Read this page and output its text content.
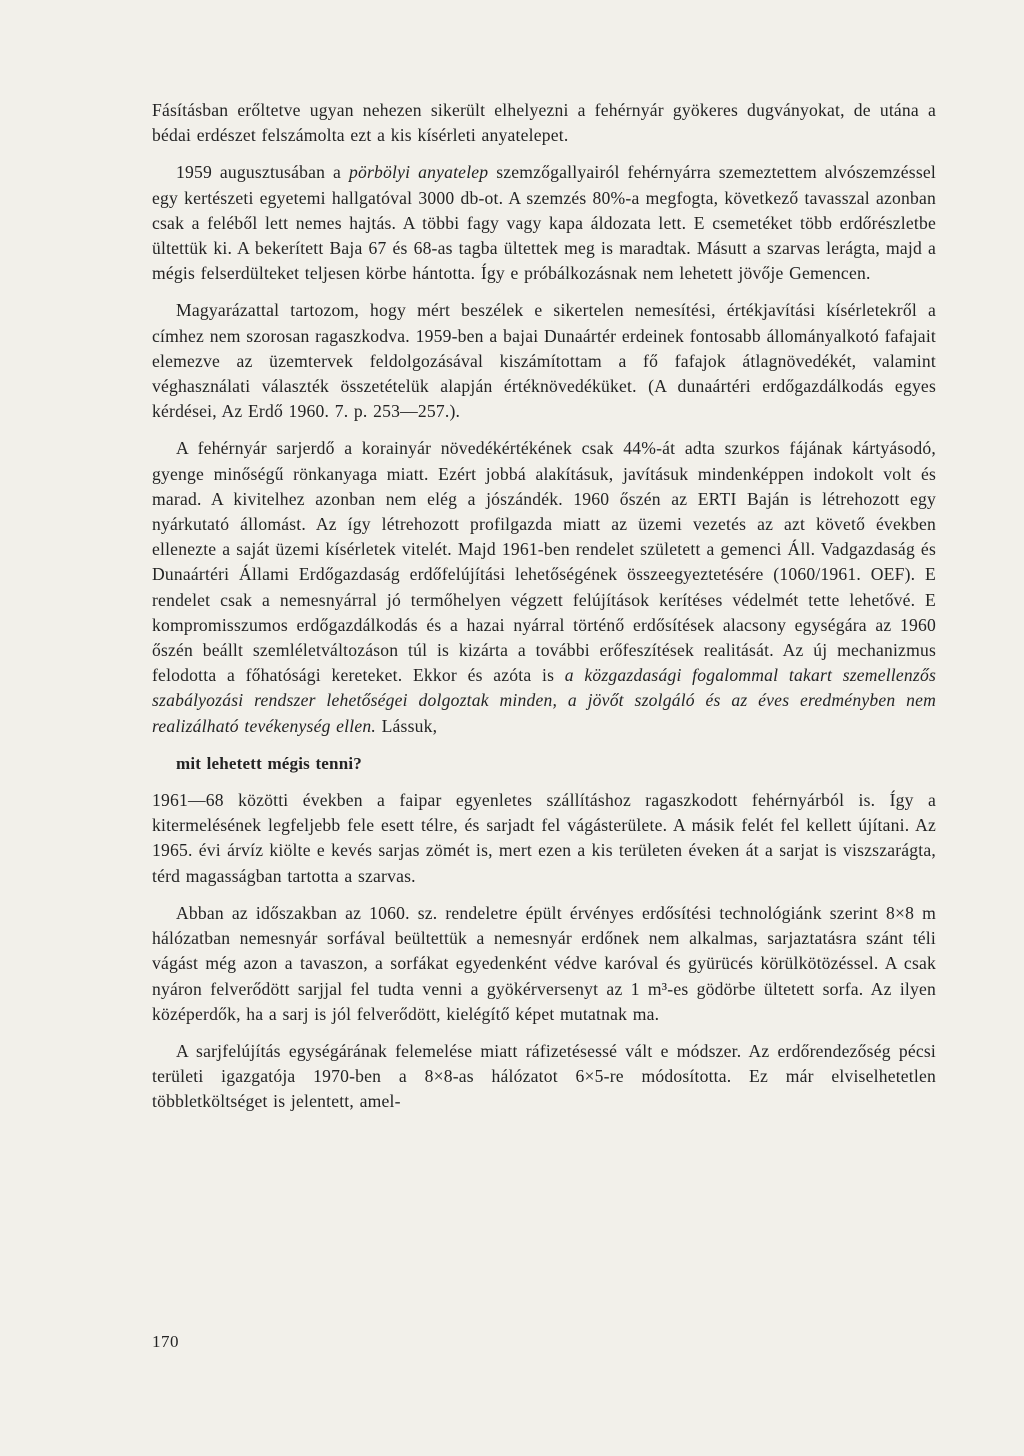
Fásításban erőltetve ugyan nehezen sikerült elhelyezni a fehérnyár gyökeres dugványokat, de utána a bédai erdészet felszámolta ezt a kis kísérleti anyatelepet.

1959 augusztusában a pörbölyi anyatelep szemzőgallyairól fehérnyárra szemeztettem alvószemzéssel egy kertészeti egyetemi hallgatóval 3000 db-ot. A szemzés 80%-a megfogta, következő tavasszal azonban csak a feléből lett nemes hajtás. A többi fagy vagy kapa áldozata lett. E csemetéket több erdőrészletbe ültettük ki. A bekerített Baja 67 és 68-as tagba ültettek meg is maradtak. Másutt a szarvas lerágta, majd a mégis felserdülteket teljesen körbe hántotta. Így e próbálkozásnak nem lehetett jövője Gemencen.

Magyarázattal tartozom, hogy mért beszélek e sikertelen nemesítési, értékjavítási kísérletekről a címhez nem szorosan ragaszkodva. 1959-ben a bajai Dunaártér erdeinek fontosabb állományalkotó fafajait elemezve az üzemtervek feldolgozásával kiszámítottam a fő fafajok átlagnövedékét, valamint véghasználati választék összetételük alapján értéknövedéküket. (A dunaártéri erdőgazdálkodás egyes kérdései, Az Erdő 1960. 7. p. 253—257.).

A fehérnyár sarjerdő a korainyár növedékértékének csak 44%-át adta szurkos fájának kártyásodó, gyenge minőségű rönkanyaga miatt. Ezért jobbá alakításuk, javításuk mindenképpen indokolt volt és marad. A kivitelhez azonban nem elég a jószándék. 1960 őszén az ERTI Baján is létrehozott egy nyárkutató állomást. Az így létrehozott profilgazda miatt az üzemi vezetés az azt követő években ellenezte a saját üzemi kísérletek vitelét. Majd 1961-ben rendelet született a gemenci Áll. Vadgazdaság és Dunaártéri Állami Erdőgazdaság erdőfelújítási lehetőségének összeegyeztetésére (1060/1961. OEF). E rendelet csak a nemesnyárral jó termőhelyen végzett felújítások kerítéses védelmét tette lehetővé. E kompromisszumos erdőgazdálkodás és a hazai nyárral történő erdősítések alacsony egységára az 1960 őszén beállt szemléletváltozáson túl is kizárta a további erőfeszítések realitását. Az új mechanizmus felodotta a főhatósági kereteket. Ekkor és azóta is a közgazdasági fogalommal takart szemellenzős szabályozási rendszer lehetőségei dolgoztak minden, a jövőt szolgáló és az éves eredményben nem realizálható tevékenység ellen. Lássuk,

mit lehetett mégis tenni?

1961—68 közötti években a faipar egyenletes szállításhoz ragaszkodott fehérnyárból is. Így a kitermelésének legfeljebb fele esett télre, és sarjadt fel vágásterülete. A másik felét fel kellett újítani. Az 1965. évi árvíz kiölte e kevés sarjas zömét is, mert ezen a kis területen éveken át a sarjat is viszszarágta, térd magasságban tartotta a szarvas.

Abban az időszakban az 1060. sz. rendeletre épült érvényes erdősítési technológiánk szerint 8×8 m hálózatban nemesnyár sorfával beültettük a nemesnyár erdőnek nem alkalmas, sarjaztatásra szánt téli vágást még azon a tavaszon, a sorfákat egyedenként védve karóval és gyürücés körülkötözéssel. A csak nyáron felverődött sarjjal fel tudta venni a gyökérversenyt az 1 m³-es gödörbe ültetett sorfa. Az ilyen középerdők, ha a sarj is jól felverődött, kielégítő képet mutatnak ma.

A sarjfelújítás egységárának felemelése miatt ráfizetésessé vált e módszer. Az erdőrendezőség pécsi területi igazgatója 1970-ben a 8×8-as hálózatot 6×5-re módosította. Ez már elviselhetetlen többletköltséget is jelentett, amel-

170
